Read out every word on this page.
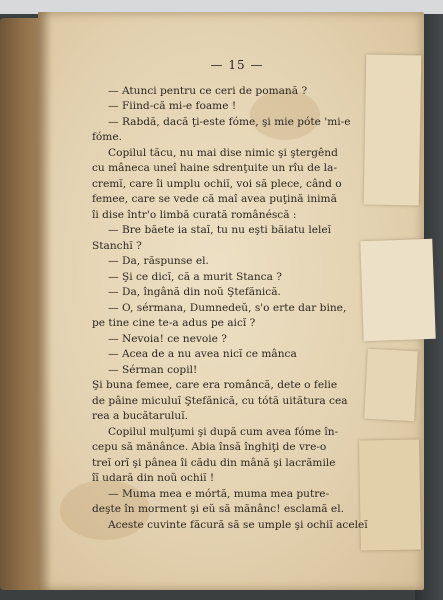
— 15 —
— Atunci pentru ce ceri de pomană ?
— Fiind-că mi-e foame !
— Rabdă, dacă ţi-este fóme, şi mie póte 'mi-e
fóme.
Copilul tăcu, nu mai dise nimic şi ştergênd
cu mâneca uneî haine sdrenţuite un rîu de la-
cremĭ, care îi umplu ochiĭ, voi să plece, când o
femee, care se vede că maî avea puţină inimă
îi dise într'o limbă curată românéscă :
— Bre băete ia staĭ, tu nu eşti băiatu leleĭ
Stanchĭ ?
— Da, răspunse el.
— Şi ce dicĭ, că a murit Stanca ?
— Da, îngână din noŭ Ştefănică.
— O, sérmana, Dumnedeŭ, s'o erte dar bine,
pe tine cine te-a adus pe aicĭ ?
— Nevoia! ce nevoie ?
— Acea de a nu avea nicĭ ce mânca
— Sérman copil!
Şi buna femee, care era româncă, dete o felie
de pâine miculuĭ Ştefănică, cu tótă uitătura cea
rea a bucătaruluĭ.
Copilul mulţumi şi după cum avea fóme în-
cepu să mănânce. Abia însă înghiţi de vre-o
treĭ orĭ şi pânea îi cădu din mână şi lacrămile
îĭ udară din noŭ ochiĭ !
— Muma mea e mórtă, muma mea putre-
deşte în morment şi eŭ să mănânc! esclamă el.
Aceste cuvinte făcură să se umple şi ochiĭ aceleĭ
